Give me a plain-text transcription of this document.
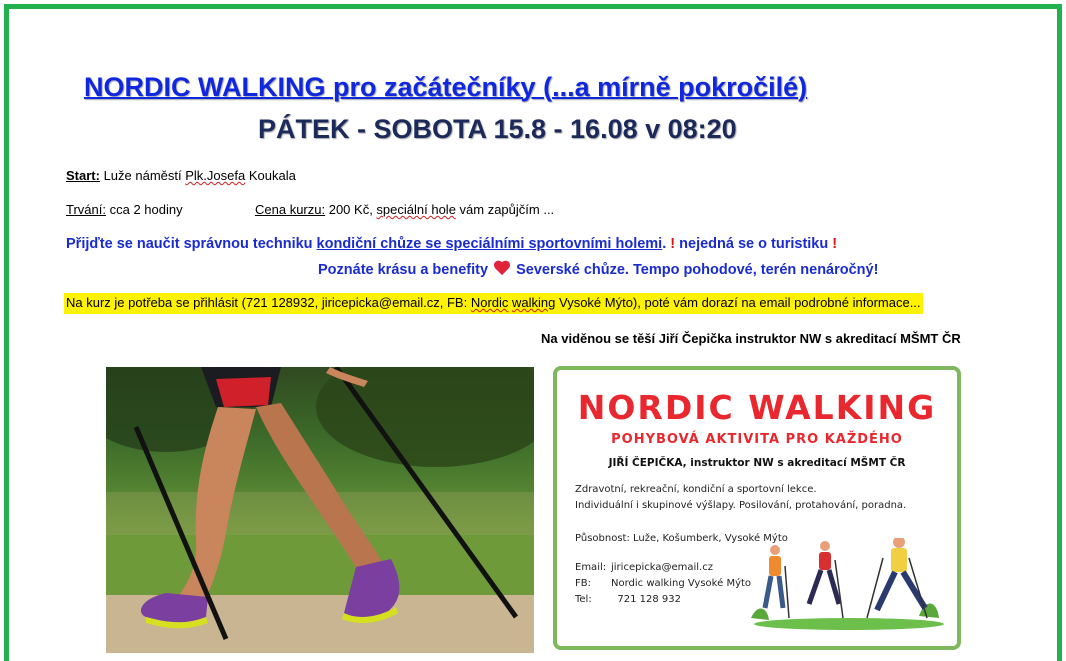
NORDIC WALKING pro začátečníky (...a mírně pokročilé)
PÁTEK - SOBOTA 15.8 - 16.08 v 08:20
Start: Luže náměstí Plk.Josefa Koukala
Trvání: cca 2 hodiny	Cena kurzu: 200 Kč, speciální hole vám zapůjčím ...
Přijďte se naučit správnou techniku kondiční chůze se speciálními sportovními holemi. ! nejedná se o turistiku !
Poznáte krásu a benefity Severské chůze. Tempo pohodové, terén nenáročný!
Na kurz je potřeba se přihlásit (721 128932, jiricepicka@email.cz, FB: Nordic walking Vysoké Mýto), poté vám dorazí na email podrobné informace...
Na viděnou se těší Jiří Čepička instruktor NW s akreditací MŠMT ČR
NORDIC WALKING
POHYBOVÁ AKTIVITA PRO KAŽDÉHO
JIŘÍ ČEPIČKA, instruktor NW s akreditací MŠMT ČR
Zdravotní, rekreační, kondiční a sportovní lekce.
Individuální i skupinové výšlapy. Posilování, protahování, poradna.
Působnost: Luže, Košumberk, Vysoké Mýto
Email: jiricepicka@email.cz
FB:	Nordic walking Vysoké Mýto
Tel:	721 128 932
